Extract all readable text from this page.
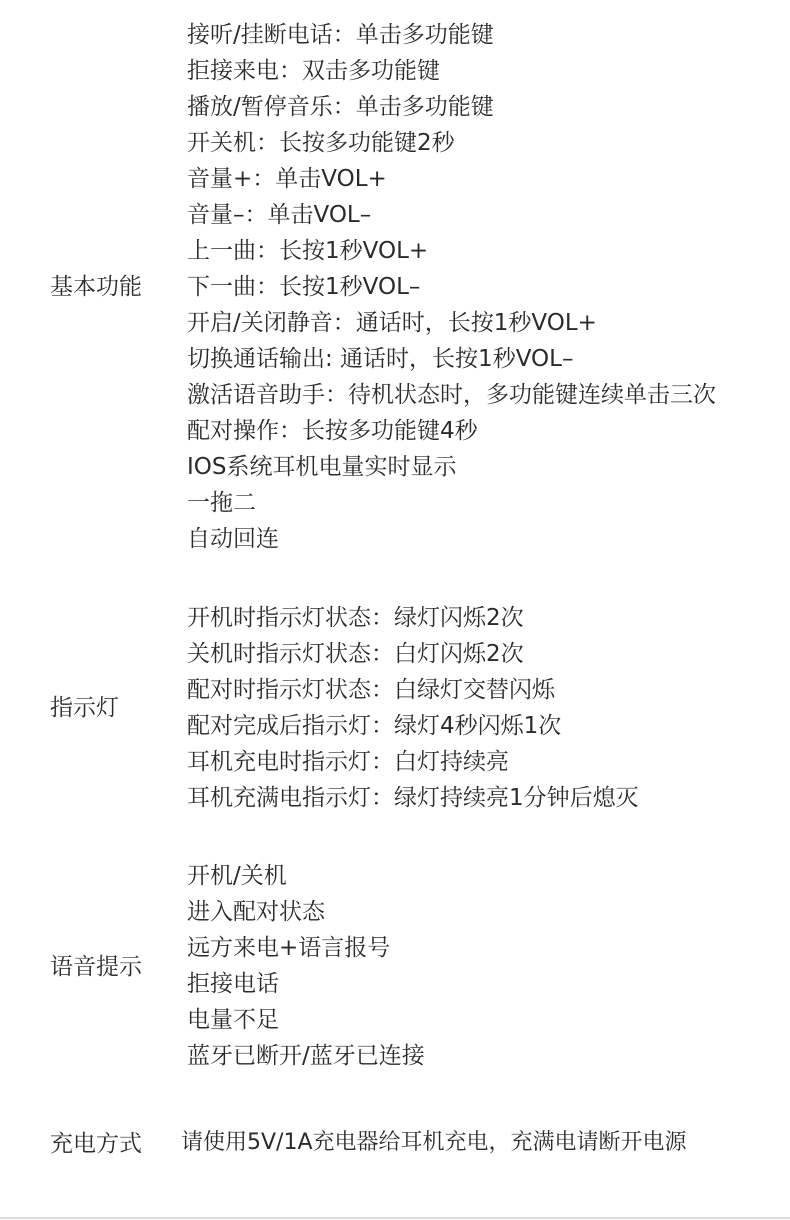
基本功能
接听/挂断电话：单击多功能键
拒接来电：双击多功能键
播放/暂停音乐：单击多功能键
开关机：长按多功能键2秒
音量+：单击VOL+
音量–：单击VOL–
上一曲：长按1秒VOL+
下一曲：长按1秒VOL–
开启/关闭静音：通话时，长按1秒VOL+
切换通话输出: 通话时，长按1秒VOL–
激活语音助手：待机状态时，多功能键连续单击三次
配对操作：长按多功能键4秒
IOS系统耳机电量实时显示
一拖二
自动回连
指示灯
开机时指示灯状态：绿灯闪烁2次
关机时指示灯状态：白灯闪烁2次
配对时指示灯状态：白绿灯交替闪烁
配对完成后指示灯：绿灯4秒闪烁1次
耳机充电时指示灯：白灯持续亮
耳机充满电指示灯：绿灯持续亮1分钟后熄灭
语音提示
开机/关机
进入配对状态
远方来电+语言报号
拒接电话
电量不足
蓝牙已断开/蓝牙已连接
充电方式 请使用5V/1A充电器给耳机充电，充满电请断开电源
